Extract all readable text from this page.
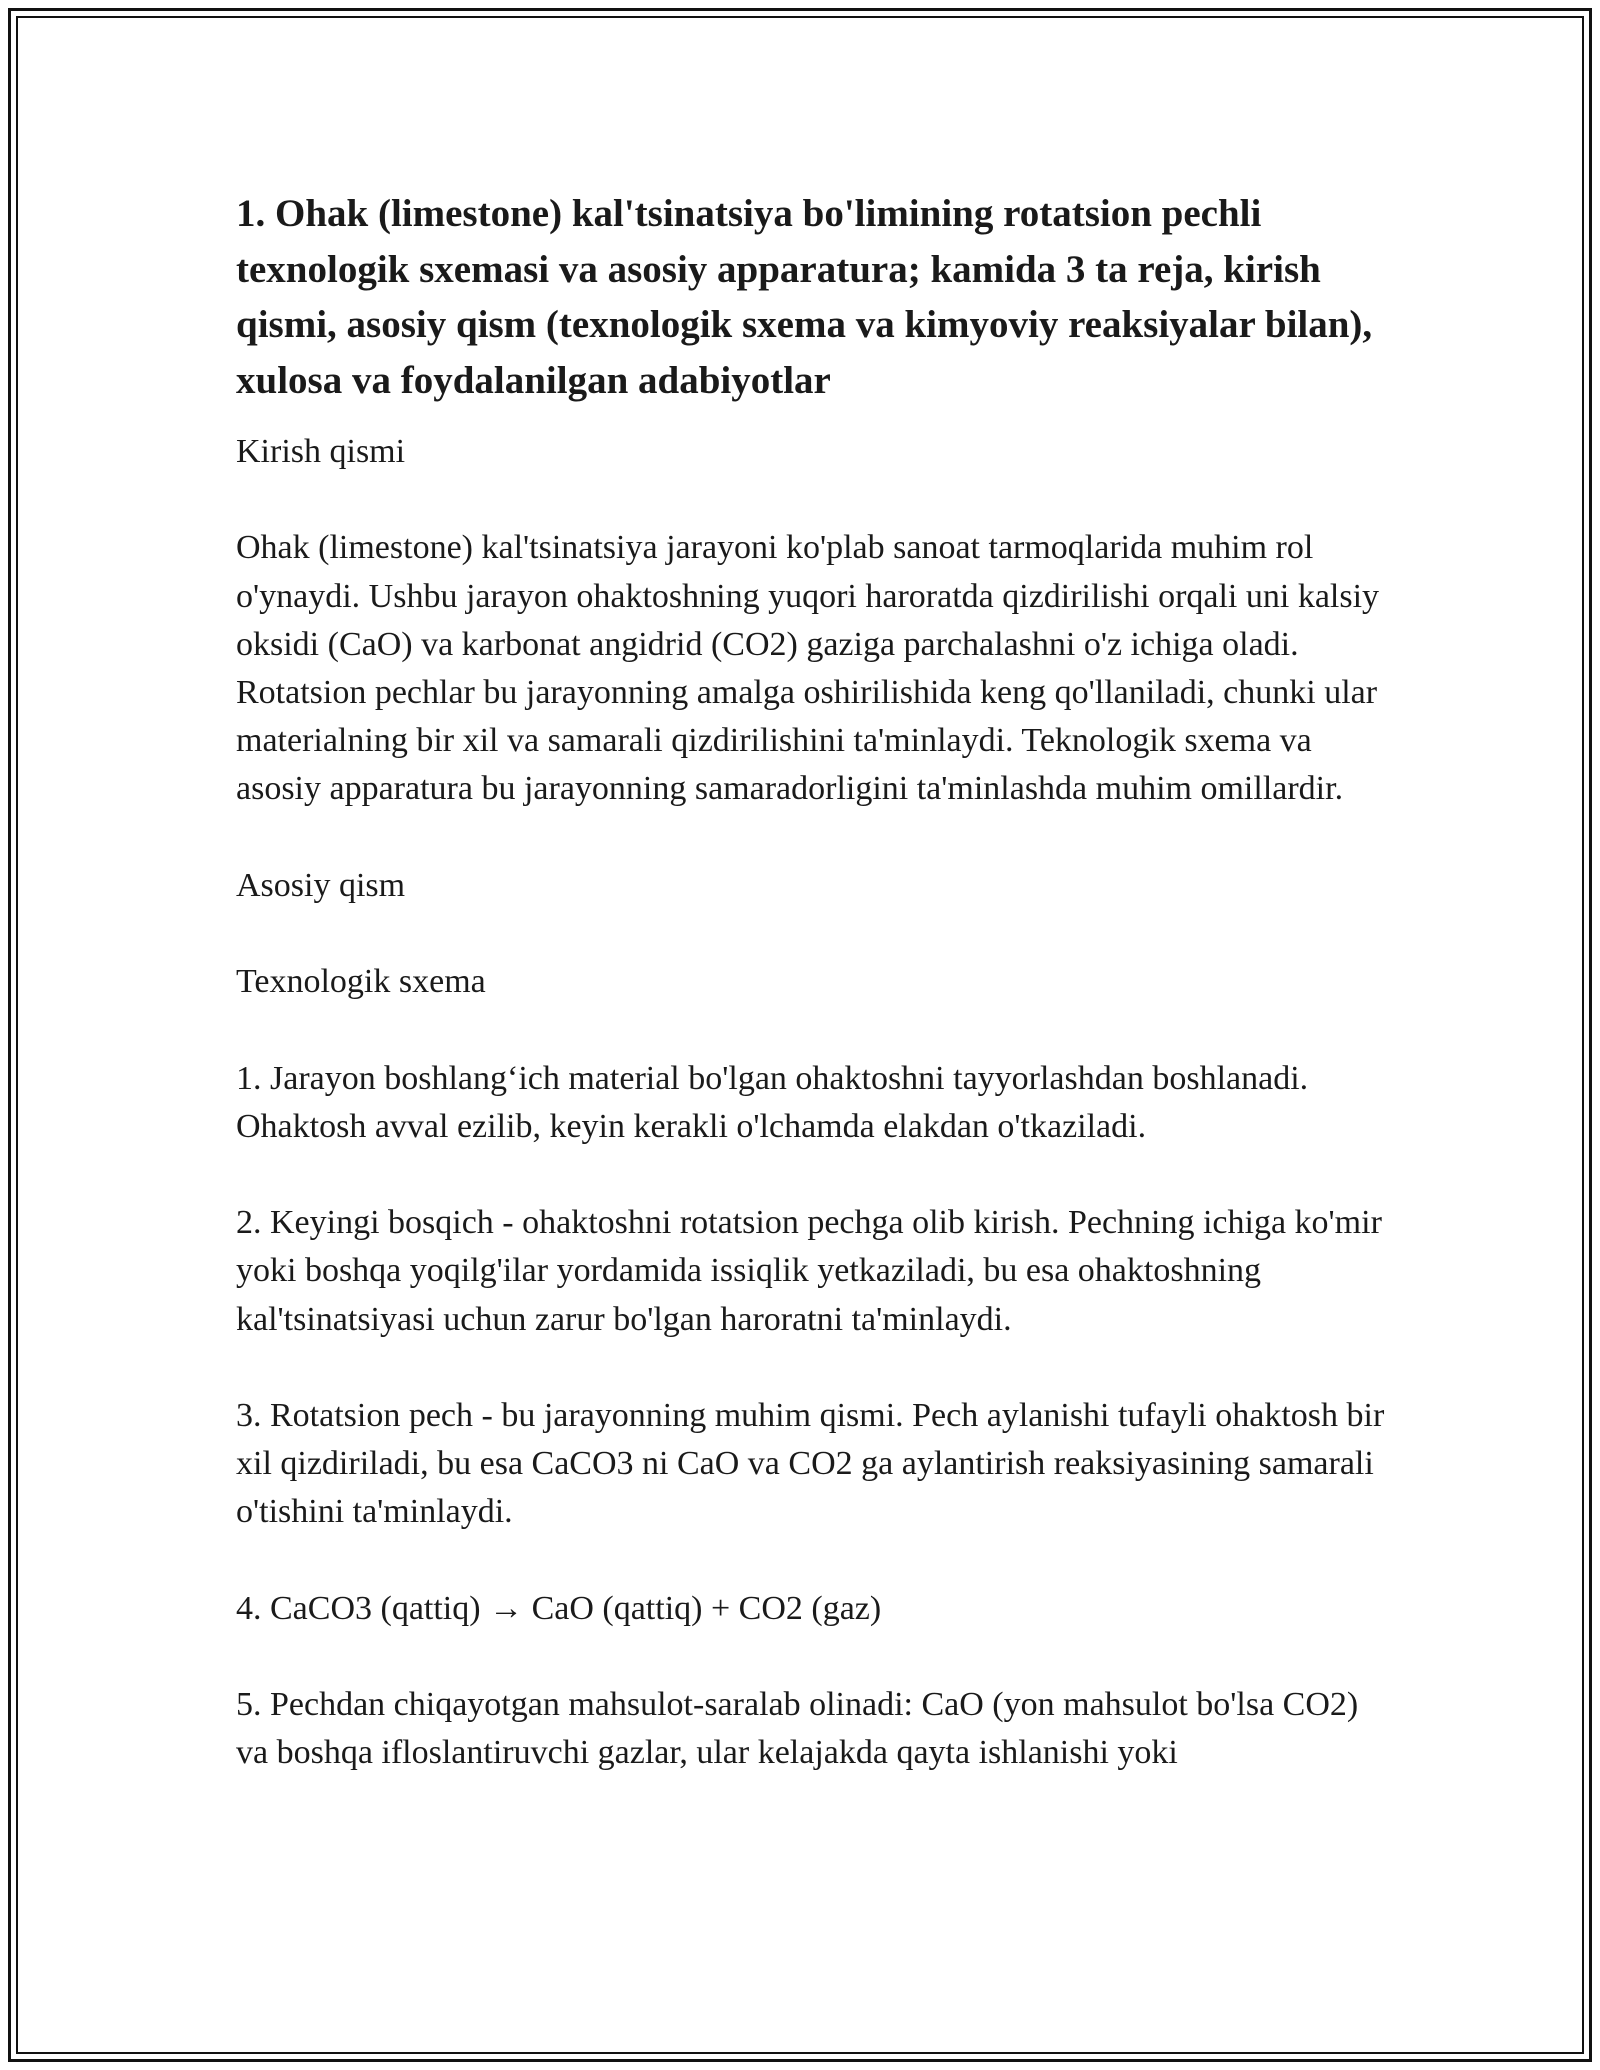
1. Ohak (limestone) kal'tsinatsiya bo'limining rotatsion pechli texnologik sxemasi va asosiy apparatura; kamida 3 ta reja, kirish qismi, asosiy qism (texnologik sxema va kimyoviy reaksiyalar bilan), xulosa va foydalanilgan adabiyotlar

Kirish qismi

Ohak (limestone) kal'tsinatsiya jarayoni ko'plab sanoat tarmoqlarida muhim rol o'ynaydi. Ushbu jarayon ohaktoshning yuqori haroratda qizdirilishi orqali uni kalsiy oksidi (CaO) va karbonat angidrid (CO2) gaziga parchalashni o'z ichiga oladi. Rotatsion pechlar bu jarayonning amalga oshirilishida keng qo'llaniladi, chunki ular materialning bir xil va samarali qizdirilishini ta'minlaydi. Teknologik sxema va asosiy apparatura bu jarayonning samaradorligini ta'minlashda muhim omillardir.

Asosiy qism

Texnologik sxema

1. Jarayon boshlang‘ich material bo'lgan ohaktoshni tayyorlashdan boshlanadi. Ohaktosh avval ezilib, keyin kerakli o'lchamda elakdan o'tkaziladi.

2. Keyingi bosqich - ohaktoshni rotatsion pechga olib kirish. Pechning ichiga ko'mir yoki boshqa yoqilg'ilar yordamida issiqlik yetkaziladi, bu esa ohaktoshning kal'tsinatsiyasi uchun zarur bo'lgan haroratni ta'minlaydi.

3. Rotatsion pech - bu jarayonning muhim qismi. Pech aylanishi tufayli ohaktosh bir xil qizdiriladi, bu esa CaCO3 ni CaO va CO2 ga aylantirish reaksiyasining samarali o'tishini ta'minlaydi.

4. CaCO3 (qattiq) → CaO (qattiq) + CO2 (gaz)

5. Pechdan chiqayotgan mahsulot-saralab olinadi: CaO (yon mahsulot bo'lsa CO2) va boshqa ifloslantiruvchi gazlar, ular kelajakda qayta ishlanishi yoki
